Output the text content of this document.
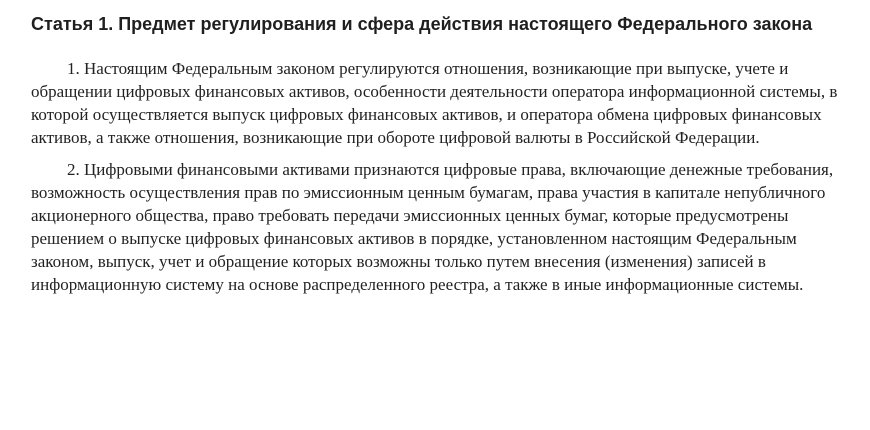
Статья 1. Предмет регулирования и сфера действия настоящего Федерального закона

1. Настоящим Федеральным законом регулируются отношения, возникающие при выпуске, учете и обращении цифровых финансовых активов, особенности деятельности оператора информационной системы, в которой осуществляется выпуск цифровых финансовых активов, и оператора обмена цифровых финансовых активов, а также отношения, возникающие при обороте цифровой валюты в Российской Федерации.

2. Цифровыми финансовыми активами признаются цифровые права, включающие денежные требования, возможность осуществления прав по эмиссионным ценным бумагам, права участия в капитале непубличного акционерного общества, право требовать передачи эмиссионных ценных бумаг, которые предусмотрены решением о выпуске цифровых финансовых активов в порядке, установленном настоящим Федеральным законом, выпуск, учет и обращение которых возможны только путем внесения (изменения) записей в информационную систему на основе распределенного реестра, а также в иные информационные системы.
